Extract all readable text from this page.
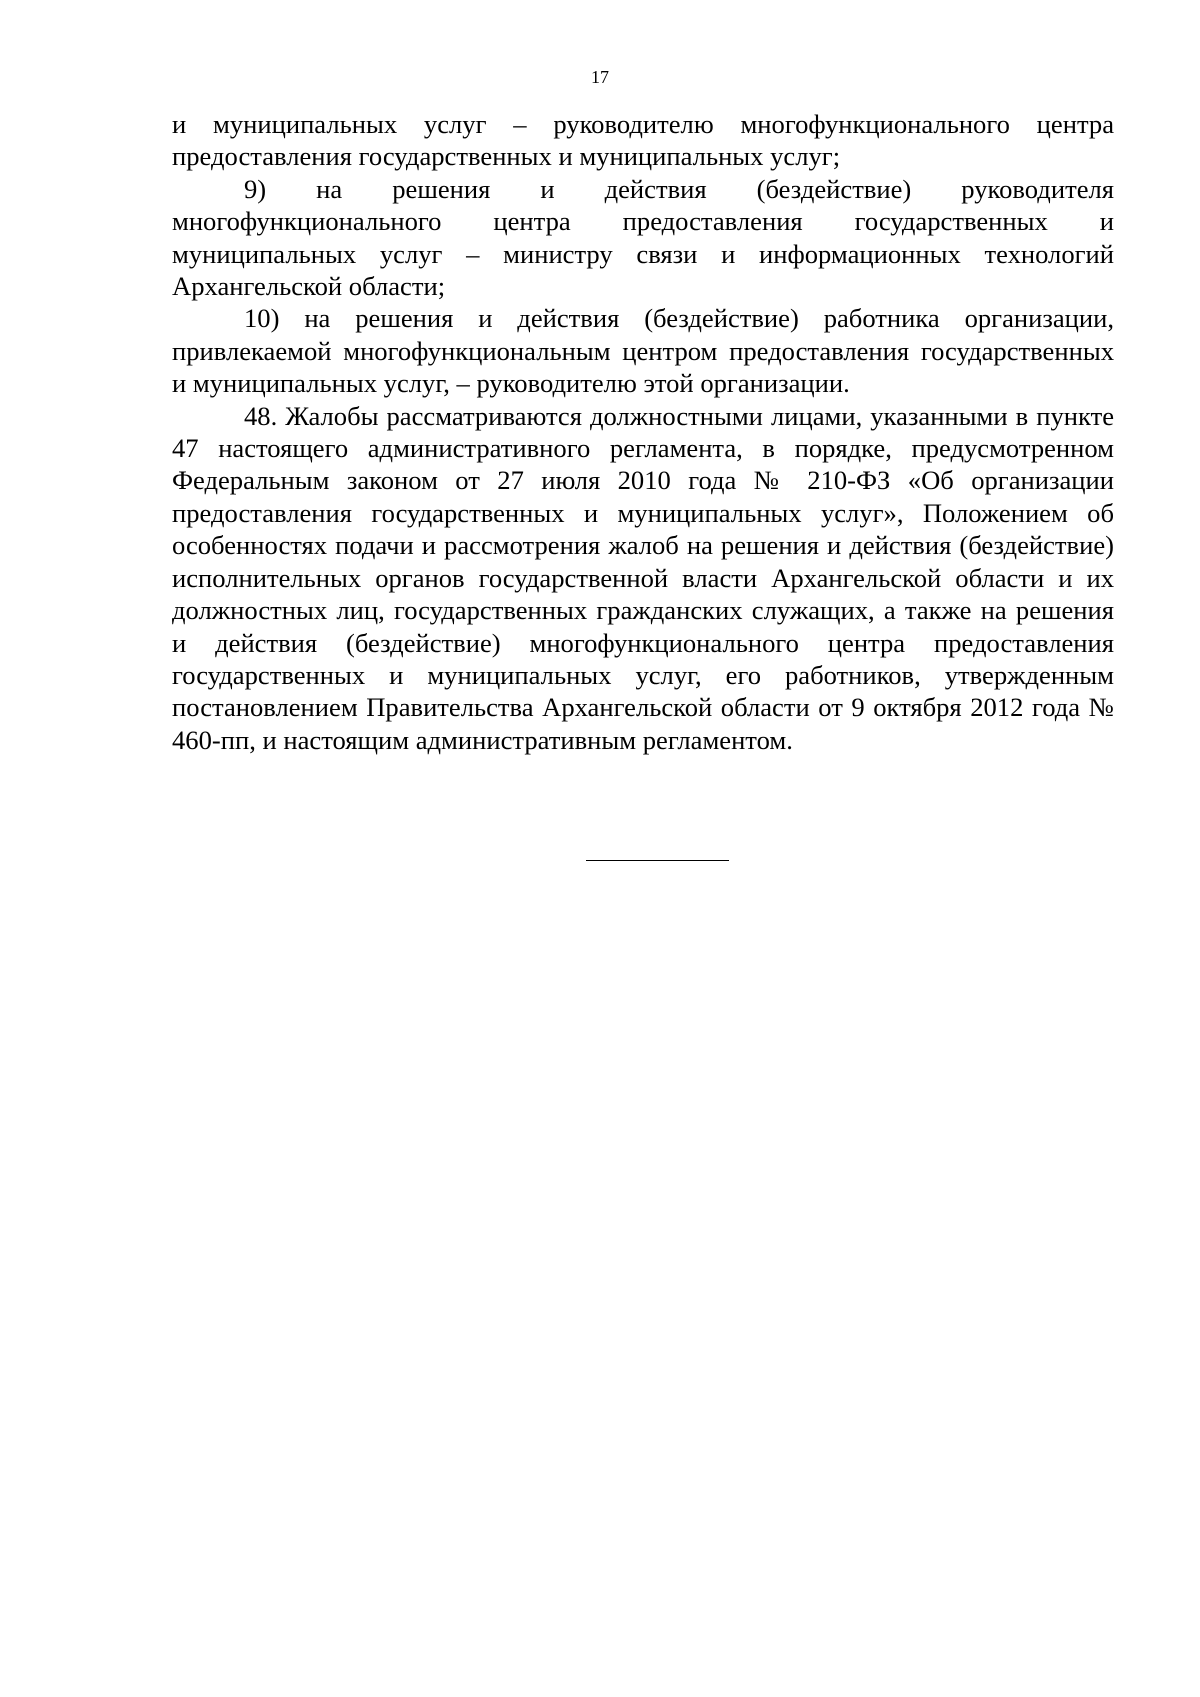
17

и муниципальных услуг – руководителю многофункционального центра предоставления государственных и муниципальных услуг;

9) на решения и действия (бездействие) руководителя многофункционального центра предоставления государственных и муниципальных услуг – министру связи и информационных технологий Архангельской области;

10) на решения и действия (бездействие) работника организации, привлекаемой многофункциональным центром предоставления государственных и муниципальных услуг, – руководителю этой организации.

48. Жалобы рассматриваются должностными лицами, указанными в пункте 47 настоящего административного регламента, в порядке, предусмотренном Федеральным законом от 27 июля 2010 года № 210-ФЗ «Об организации предоставления государственных и муниципальных услуг», Положением об особенностях подачи и рассмотрения жалоб на решения и действия (бездействие) исполнительных органов государственной власти Архангельской области и их должностных лиц, государственных гражданских служащих, а также на решения и действия (бездействие) многофункционального центра предоставления государственных и муниципальных услуг, его работников, утвержденным постановлением Правительства Архангельской области от 9 октября 2012 года № 460-пп, и настоящим административным регламентом.
